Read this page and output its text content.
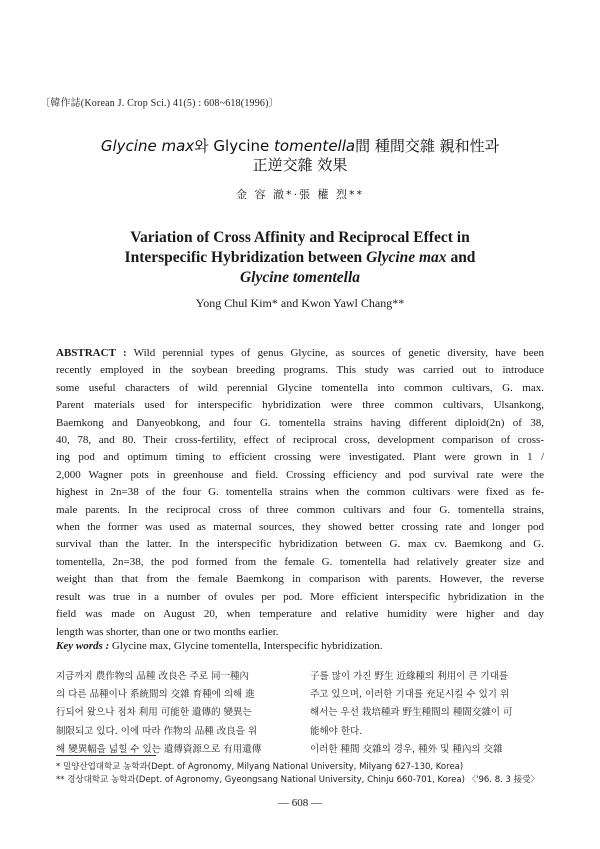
〔韓作誌(Korean J. Crop Sci.) 41(5) : 608~618(1996)〕
Glycine max와 Glycine tomentella間 種間交雜 親和性과
正逆交雜 效果
金 容 澈*·張 權 烈**
Variation of Cross Affinity and Reciprocal Effect in
Interspecific Hybridization between Glycine max and
Glycine tomentella
Yong Chul Kim* and Kwon Yawl Chang**
ABSTRACT : Wild perennial types of genus Glycine, as sources of genetic diversity, have been
recently employed in the soybean breeding programs. This study was carried out to introduce
some useful characters of wild perennial Glycine tomentella into common cultivars, G. max.
Parent materials used for interspecific hybridization were three common cultivars, Ulsankong,
Baemkong and Danyeobkong, and four G. tomentella strains having different diploid(2n) of 38,
40, 78, and 80. Their cross-fertility, effect of reciprocal cross, development comparison of cross-
ing pod and optimum timing to efficient crossing were investigated. Plant were grown in 1 /
2,000 Wagner pots in greenhouse and field. Crossing efficiency and pod survival rate were the
highest in 2n=38 of the four G. tomentella strains when the common cultivars were fixed as fe-
male parents. In the reciprocal cross of three common cultivars and four G. tomentella strains,
when the former was used as maternal sources, they showed better crossing rate and longer pod
survival than the latter. In the interspecific hybridization between G. max cv. Baemkong and G.
tomentella, 2n=38, the pod formed from the female G. tomentella had relatively greater size and
weight than that from the female Baemkong in comparison with parents. However, the reverse
result was true in a number of ovules per pod. More efficient interspecific hybridization in the
field was made on August 20, when temperature and relative humidity were higher and day
length was shorter, than one or two months earlier.
Key words : Glycine max, Glycine tomentella, Interspecific hybridization.
지금까지 農作物의 品種 改良은 주로 同一種內
의 다른 品種이나 系統間의 交雜 育種에 의해 進
行되어 왔으나 점차 利用 可能한 遺傳的 變異는
制限되고 있다. 이에 따라 作物의 品種 改良을 위
해 變異幅을 넓힐 수 있는 遺傳資源으로 有用遺傳
子를 많이 가진 野生 近緣種의 利用이 큰 기대를
주고 있으며, 이러한 기대를 充足시킬 수 있기 위
해서는 우선 栽培種과 野生種間의 種間交雜이 可
能해야 한다.
이러한 種間 交雜의 경우, 種外 및 種內의 交雜
* 밀양산업대학교 농학과(Dept. of Agronomy, Milyang National University, Milyang 627-130, Korea)
** 경상대학교 농학과(Dept. of Agronomy, Gyeongsang National University, Chinju 660-701, Korea) 〈'96. 8. 3 接受〉
— 608 —
